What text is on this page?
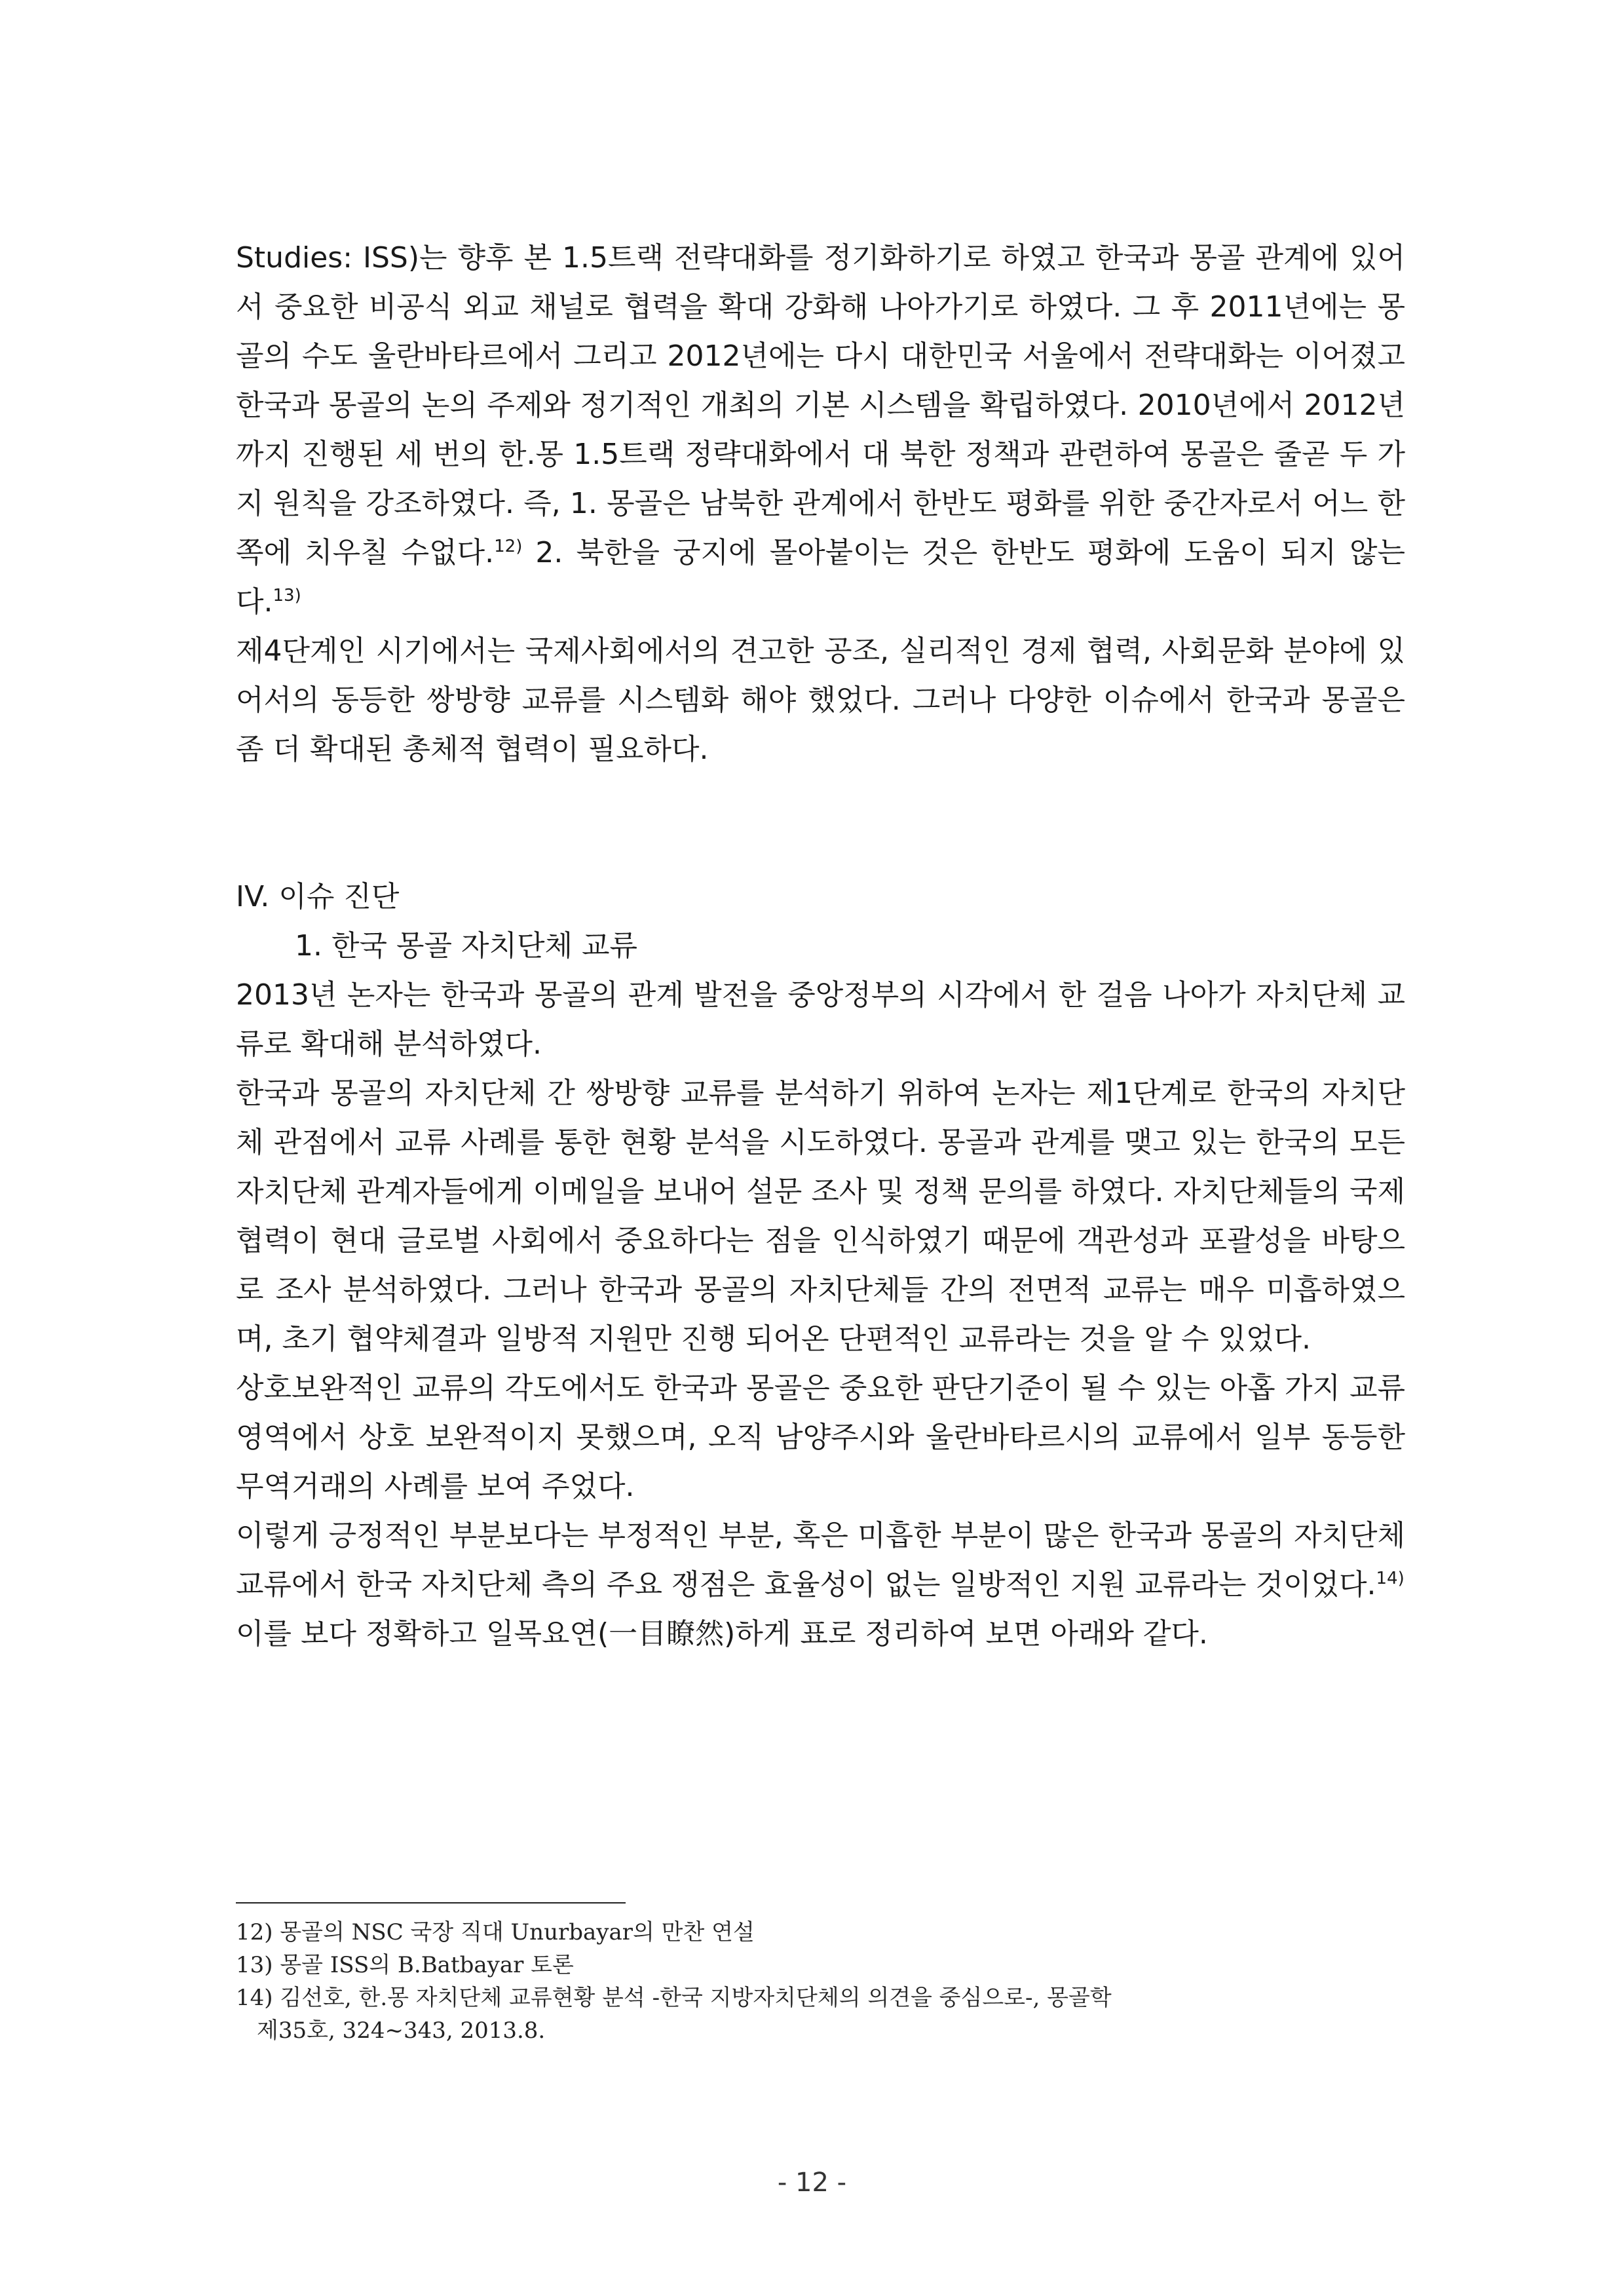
Studies: ISS)는 향후 본 1.5트랙 전략대화를 정기화하기로 하였고 한국과 몽골 관계에 있어서 중요한 비공식 외교 채널로 협력을 확대 강화해 나아가기로 하였다. 그 후 2011년에는 몽골의 수도 울란바타르에서 그리고 2012년에는 다시 대한민국 서울에서 전략대화는 이어졌고 한국과 몽골의 논의 주제와 정기적인 개최의 기본 시스템을 확립하였다. 2010년에서 2012년까지 진행된 세 번의 한.몽 1.5트랙 정략대화에서 대 북한 정책과 관련하여 몽골은 줄곧 두 가지 원칙을 강조하였다. 즉, 1. 몽골은 남북한 관계에서 한반도 평화를 위한 중간자로서 어느 한쪽에 치우칠 수없다.$^{12)}$ 2. 북한을 궁지에 몰아붙이는 것은 한반도 평화에 도움이 되지 않는다.$^{13)}$

제4단계인 시기에서는 국제사회에서의 견고한 공조, 실리적인 경제 협력, 사회문화 분야에 있어서의 동등한 쌍방향 교류를 시스템화 해야 했었다. 그러나 다양한 이슈에서 한국과 몽골은 좀 더 확대된 총체적 협력이 필요하다.

IV. 이슈 진단

1. 한국 몽골 자치단체 교류

2013년 논자는 한국과 몽골의 관계 발전을 중앙정부의 시각에서 한 걸음 나아가 자치단체 교류로 확대해 분석하였다.

한국과 몽골의 자치단체 간 쌍방향 교류를 분석하기 위하여 논자는 제1단계로 한국의 자치단체 관점에서 교류 사례를 통한 현황 분석을 시도하였다. 몽골과 관계를 맺고 있는 한국의 모든 자치단체 관계자들에게 이메일을 보내어 설문 조사 및 정책 문의를 하였다. 자치단체들의 국제협력이 현대 글로벌 사회에서 중요하다는 점을 인식하였기 때문에 객관성과 포괄성을 바탕으로 조사 분석하였다. 그러나 한국과 몽골의 자치단체들 간의 전면적 교류는 매우 미흡하였으며, 초기 협약체결과 일방적 지원만 진행 되어온 단편적인 교류라는 것을 알 수 있었다.

상호보완적인 교류의 각도에서도 한국과 몽골은 중요한 판단기준이 될 수 있는 아홉 가지 교류 영역에서 상호 보완적이지 못했으며, 오직 남양주시와 울란바타르시의 교류에서 일부 동등한 무역거래의 사례를 보여 주었다.

이렇게 긍정적인 부분보다는 부정적인 부분, 혹은 미흡한 부분이 많은 한국과 몽골의 자치단체 교류에서 한국 자치단체 측의 주요 쟁점은 효율성이 없는 일방적인 지원 교류라는 것이었다.$^{14)}$

이를 보다 정확하고 일목요연(一目瞭然)하게 표로 정리하여 보면 아래와 같다.

12) 몽골의 NSC 국장 직대 Unurbayar의 만찬 연설

13) 몽골 ISS의 B.Batbayar 토론

14) 김선호, 한.몽 자치단체 교류현황 분석 -한국 지방자치단체의 의견을 중심으로-, 몽골학
제35호, 324~343, 2013.8.

- 12 -
